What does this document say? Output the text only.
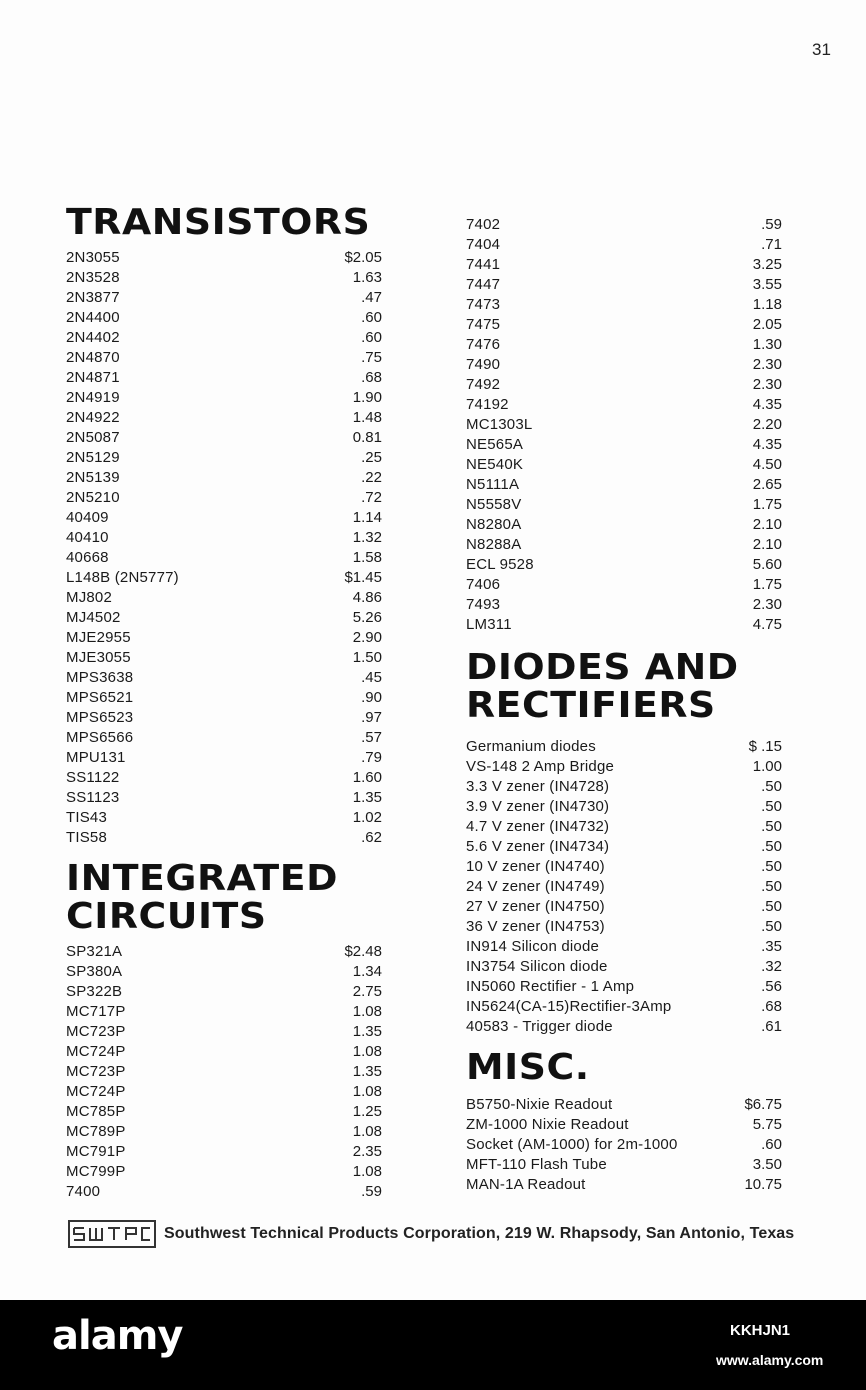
31
TRANSISTORS
2N3055	$2.05
2N3528	1.63
2N3877	.47
2N4400	.60
2N4402	.60
2N4870	.75
2N4871	.68
2N4919	1.90
2N4922	1.48
2N5087	0.81
2N5129	.25
2N5139	.22
2N5210	.72
40409	1.14
40410	1.32
40668	1.58
L148B (2N5777)	$1.45
MJ802	4.86
MJ4502	5.26
MJE2955	2.90
MJE3055	1.50
MPS3638	.45
MPS6521	.90
MPS6523	.97
MPS6566	.57
MPU131	.79
SS1122	1.60
SS1123	1.35
TIS43	1.02
TIS58	.62
INTEGRATED
CIRCUITS
SP321A	$2.48
SP380A	1.34
SP322B	2.75
MC717P	1.08
MC723P	1.35
MC724P	1.08
MC723P	1.35
MC724P	1.08
MC785P	1.25
MC789P	1.08
MC791P	2.35
MC799P	1.08
7400	.59
7402	.59
7404	.71
7441	3.25
7447	3.55
7473	1.18
7475	2.05
7476	1.30
7490	2.30
7492	2.30
74192	4.35
MC1303L	2.20
NE565A	4.35
NE540K	4.50
N5111A	2.65
N5558V	1.75
N8280A	2.10
N8288A	2.10
ECL 9528	5.60
7406	1.75
7493	2.30
LM311	4.75
DIODES AND
RECTIFIERS
Germanium diodes	$ .15
VS-148 2 Amp Bridge	1.00
3.3 V zener (IN4728)	.50
3.9 V zener (IN4730)	.50
4.7 V zener (IN4732)	.50
5.6 V zener (IN4734)	.50
10 V zener (IN4740)	.50
24 V zener (IN4749)	.50
27 V zener (IN4750)	.50
36 V zener (IN4753)	.50
IN914 Silicon diode	.35
IN3754 Silicon diode	.32
IN5060 Rectifier - 1 Amp	.56
IN5624(CA-15)Rectifier-3Amp	.68
40583 - Trigger diode	.61
MISC.
B5750-Nixie Readout	$6.75
ZM-1000 Nixie Readout	5.75
Socket (AM-1000) for 2m-1000	.60
MFT-110 Flash Tube	3.50
MAN-1A Readout	10.75
Southwest Technical Products Corporation, 219 W. Rhapsody, San Antonio, Texas
alamy	KKHJN1
www.alamy.com
